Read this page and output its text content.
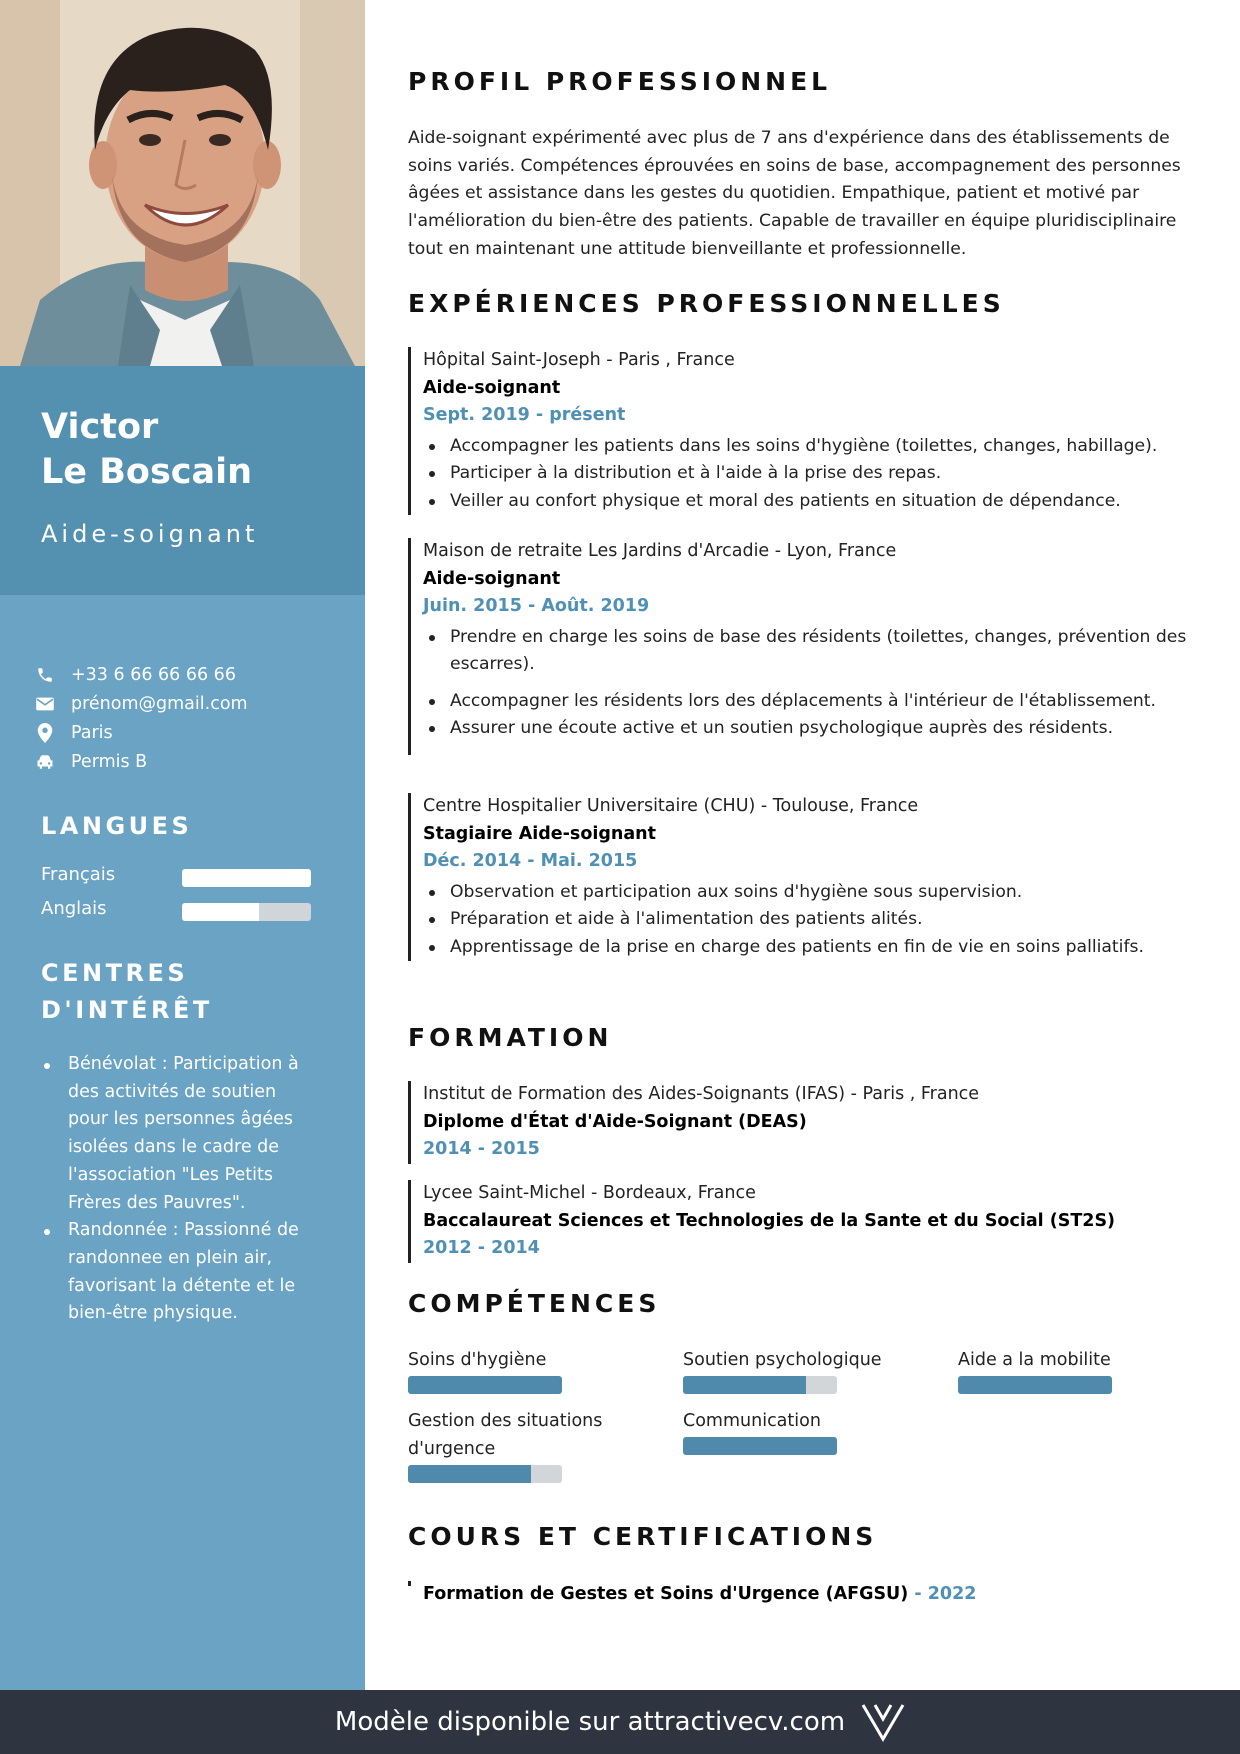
Victor
Le Boscain
Aide-soignant
+33 6 66 66 66 66
prénom@gmail.com
Paris
Permis B
LANGUES
Français
Anglais
CENTRES
D'INTÉRÊT
Bénévolat : Participation à des activités de soutien pour les personnes âgées isolées dans le cadre de l'association "Les Petits Frères des Pauvres".
Randonnée : Passionné de randonnee en plein air, favorisant la détente et le bien-être physique.
PROFIL PROFESSIONNEL

Aide-soignant expérimenté avec plus de 7 ans d'expérience dans des établissements de soins variés. Compétences éprouvées en soins de base, accompagnement des personnes âgées et assistance dans les gestes du quotidien. Empathique, patient et motivé par l'amélioration du bien-être des patients. Capable de travailler en équipe pluridisciplinaire tout en maintenant une attitude bienveillante et professionnelle.

EXPÉRIENCES PROFESSIONNELLES
Hôpital Saint-Joseph - Paris , France
Aide-soignant
Sept. 2019 - présent
Accompagner les patients dans les soins d'hygiène (toilettes, changes, habillage).
Participer à la distribution et à l'aide à la prise des repas.
Veiller au confort physique et moral des patients en situation de dépendance.
Maison de retraite Les Jardins d'Arcadie - Lyon, France
Aide-soignant
Juin. 2015 - Août. 2019
Prendre en charge les soins de base des résidents (toilettes, changes, prévention des escarres).
Accompagner les résidents lors des déplacements à l'intérieur de l'établissement.
Assurer une écoute active et un soutien psychologique auprès des résidents.
Centre Hospitalier Universitaire (CHU) - Toulouse, France
Stagiaire Aide-soignant
Déc. 2014 - Mai. 2015
Observation et participation aux soins d'hygiène sous supervision.
Préparation et aide à l'alimentation des patients alités.
Apprentissage de la prise en charge des patients en fin de vie en soins palliatifs.
FORMATION
Institut de Formation des Aides-Soignants (IFAS) - Paris , France
Diplome d'État d'Aide-Soignant (DEAS)
2014 - 2015
Lycee Saint-Michel - Bordeaux, France
Baccalaureat Sciences et Technologies de la Sante et du Social (ST2S)
2012 - 2014
COMPÉTENCES
Soins d'hygiène	Soutien psychologique	Aide a la mobilite
Gestion des situations
d'urgence
Communication
COURS ET CERTIFICATIONS
Formation de Gestes et Soins d'Urgence (AFGSU) - 2022
Modèle disponible sur attractivecv.com
